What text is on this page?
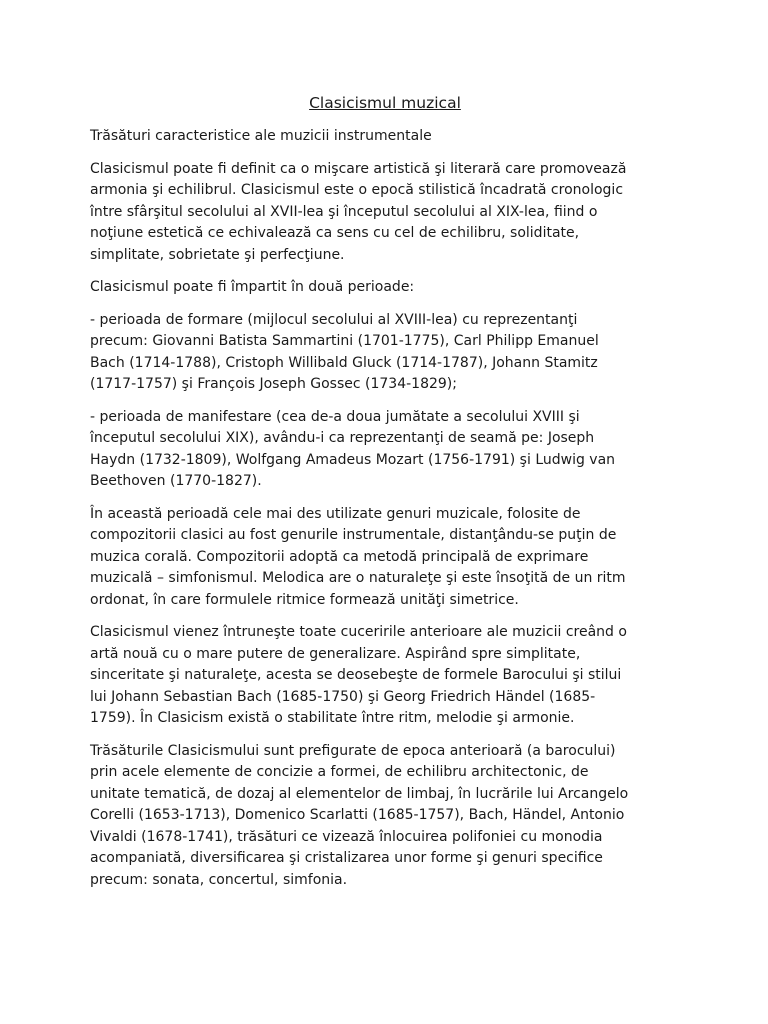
Clasicismul muzical

Trăsături caracteristice ale muzicii instrumentale

Clasicismul poate fi definit ca o mişcare artistică şi literară care promovează
armonia şi echilibrul. Clasicismul este o epocă stilistică încadrată cronologic
între sfârşitul secolului al XVII-lea şi începutul secolului al XIX-lea, fiind o
noţiune estetică ce echivalează ca sens cu cel de echilibru, soliditate,
simplitate, sobrietate şi perfecţiune.

Clasicismul poate fi împartit în două perioade:

- perioada de formare (mijlocul secolului al XVIII-lea) cu reprezentanţi
precum: Giovanni Batista Sammartini (1701-1775), Carl Philipp Emanuel
Bach (1714-1788), Cristoph Willibald Gluck (1714-1787), Johann Stamitz
(1717-1757) şi François Joseph Gossec (1734-1829);

- perioada de manifestare (cea de-a doua jumătate a secolului XVIII şi
începutul secolului XIX), avându-i ca reprezentanţi de seamă pe: Joseph
Haydn (1732-1809), Wolfgang Amadeus Mozart (1756-1791) şi Ludwig van
Beethoven (1770-1827).

În această perioadă cele mai des utilizate genuri muzicale, folosite de
compozitorii clasici au fost genurile instrumentale, distanţându-se puţin de
muzica corală. Compozitorii adoptă ca metodă principală de exprimare
muzicală – simfonismul. Melodica are o naturaleţe şi este însoţită de un ritm
ordonat, în care formulele ritmice formează unităţi simetrice.

Clasicismul vienez întruneşte toate cuceririle anterioare ale muzicii creând o
artă nouă cu o mare putere de generalizare. Aspirând spre simplitate,
sinceritate şi naturaleţe, acesta se deosebeşte de formele Barocului şi stilui
lui Johann Sebastian Bach (1685-1750) şi Georg Friedrich Händel (1685-
1759). În Clasicism există o stabilitate între ritm, melodie şi armonie.

Trăsăturile Clasicismului sunt prefigurate de epoca anterioară (a barocului)
prin acele elemente de concizie a formei, de echilibru architectonic, de
unitate tematică, de dozaj al elementelor de limbaj, în lucrările lui Arcangelo
Corelli (1653-1713), Domenico Scarlatti (1685-1757), Bach, Händel, Antonio
Vivaldi (1678-1741), trăsături ce vizează înlocuirea polifoniei cu monodia
acompaniată, diversificarea şi cristalizarea unor forme şi genuri specifice
precum: sonata, concertul, simfonia.
